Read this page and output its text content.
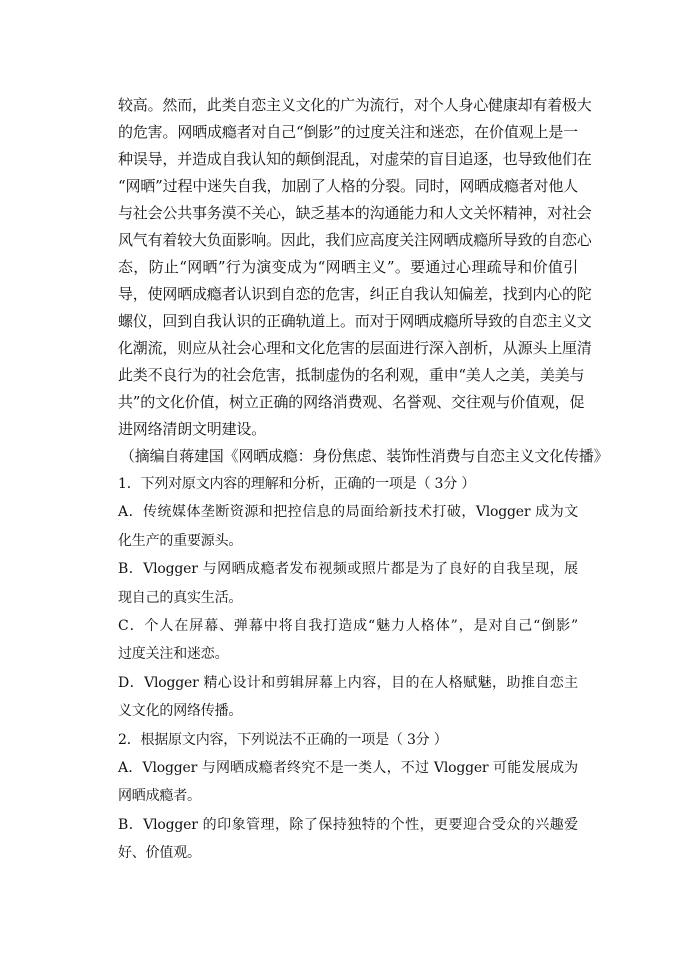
较高。然而，此类自恋主义文化的广为流行，对个人身心健康却有着极大
的危害。网晒成瘾者对自己“倒影”的过度关注和迷恋，在价值观上是一
种误导，并造成自我认知的颠倒混乱，对虚荣的盲目追逐，也导致他们在
“网晒”过程中迷失自我，加剧了人格的分裂。同时，网晒成瘾者对他人
与社会公共事务漠不关心，缺乏基本的沟通能力和人文关怀精神，对社会
风气有着较大负面影响。因此，我们应高度关注网晒成瘾所导致的自恋心
态，防止“网晒”行为演变成为“网晒主义”。要通过心理疏导和价值引
导，使网晒成瘾者认识到自恋的危害，纠正自我认知偏差，找到内心的陀
螺仪，回到自我认识的正确轨道上。而对于网晒成瘾所导致的自恋主义文
化潮流，则应从社会心理和文化危害的层面进行深入剖析，从源头上厘清
此类不良行为的社会危害，抵制虚伪的名利观，重申“美人之美，美美与
共”的文化价值，树立正确的网络消费观、名誉观、交往观与价值观，促
进网络清朗文明建设。
（摘编自蒋建国《网晒成瘾：身份焦虑、装饰性消费与自恋主义文化传播》
1．下列对原文内容的理解和分析，正确的一项是（ 3分 ）
A．传统媒体垄断资源和把控信息的局面给新技术打破，Vlogger 成为文
化生产的重要源头。
B．Vlogger 与网晒成瘾者发布视频或照片都是为了良好的自我呈现，展
现自己的真实生活。
C．个人在屏幕、弹幕中将自我打造成“魅力人格体”，是对自己“倒影”
过度关注和迷恋。
D．Vlogger 精心设计和剪辑屏幕上内容，目的在人格赋魅，助推自恋主
义文化的网络传播。
2．根据原文内容，下列说法不正确的一项是（ 3分 ）
A．Vlogger 与网晒成瘾者终究不是一类人，不过 Vlogger 可能发展成为
网晒成瘾者。
B．Vlogger 的印象管理，除了保持独特的个性，更要迎合受众的兴趣爱
好、价值观。
